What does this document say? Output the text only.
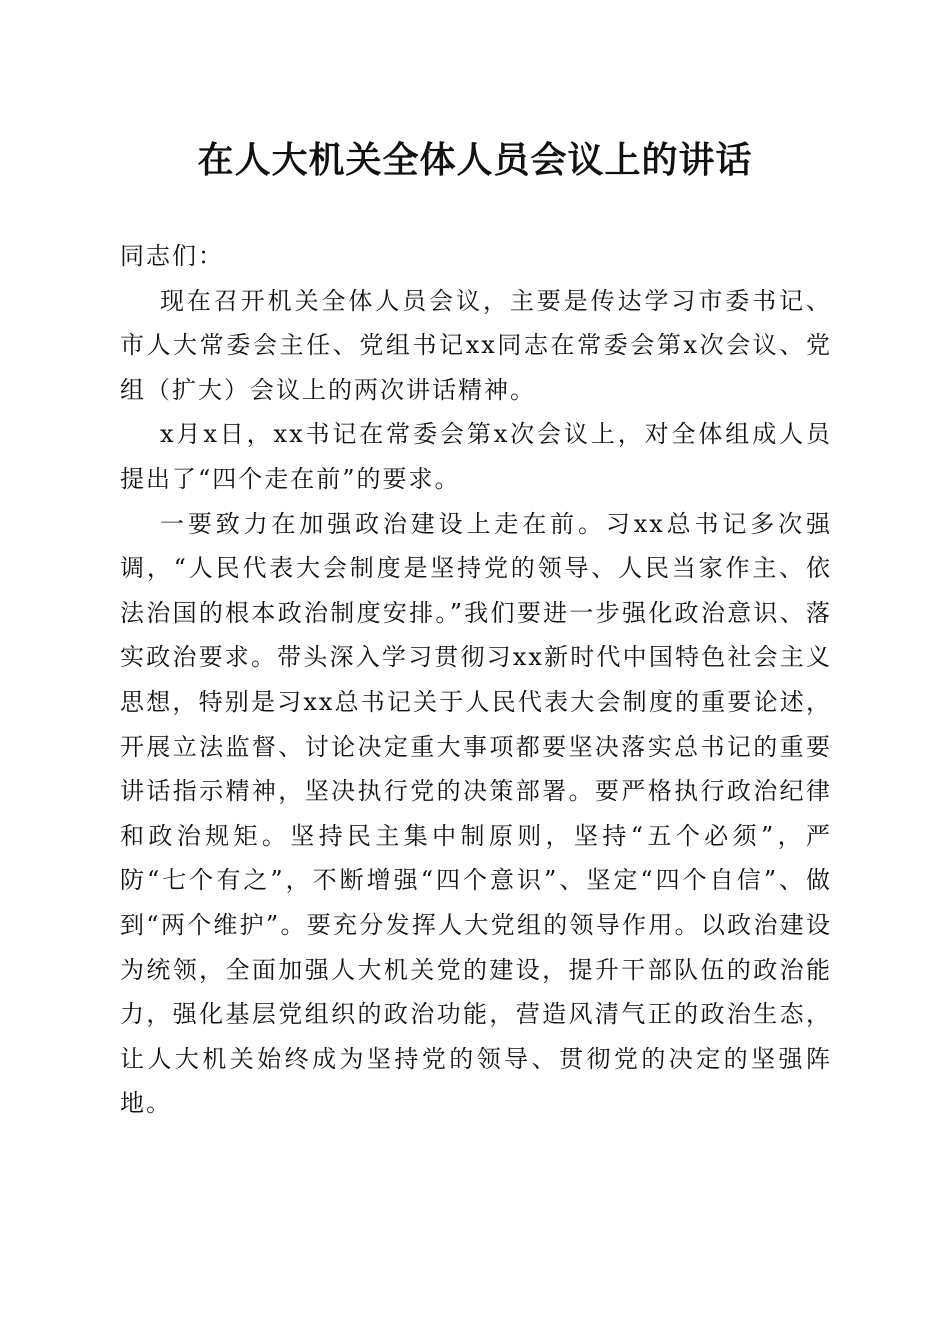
在人大机关全体人员会议上的讲话

同志们：

现在召开机关全体人员会议，主要是传达学习市委书记、市人大常委会主任、党组书记xx同志在常委会第x次会议、党组（扩大）会议上的两次讲话精神。

x月x日，xx书记在常委会第x次会议上，对全体组成人员提出了“四个走在前”的要求。

一要致力在加强政治建设上走在前。习xx总书记多次强调，“人民代表大会制度是坚持党的领导、人民当家作主、依法治国的根本政治制度安排。”我们要进一步强化政治意识、落实政治要求。带头深入学习贯彻习xx新时代中国特色社会主义思想，特别是习xx总书记关于人民代表大会制度的重要论述，开展立法监督、讨论决定重大事项都要坚决落实总书记的重要讲话指示精神，坚决执行党的决策部署。要严格执行政治纪律和政治规矩。坚持民主集中制原则，坚持“五个必须”，严防“七个有之”，不断增强“四个意识”、坚定“四个自信”、做到“两个维护”。要充分发挥人大党组的领导作用。以政治建设为统领，全面加强人大机关党的建设，提升干部队伍的政治能力，强化基层党组织的政治功能，营造风清气正的政治生态，让人大机关始终成为坚持党的领导、贯彻党的决定的坚强阵地。
